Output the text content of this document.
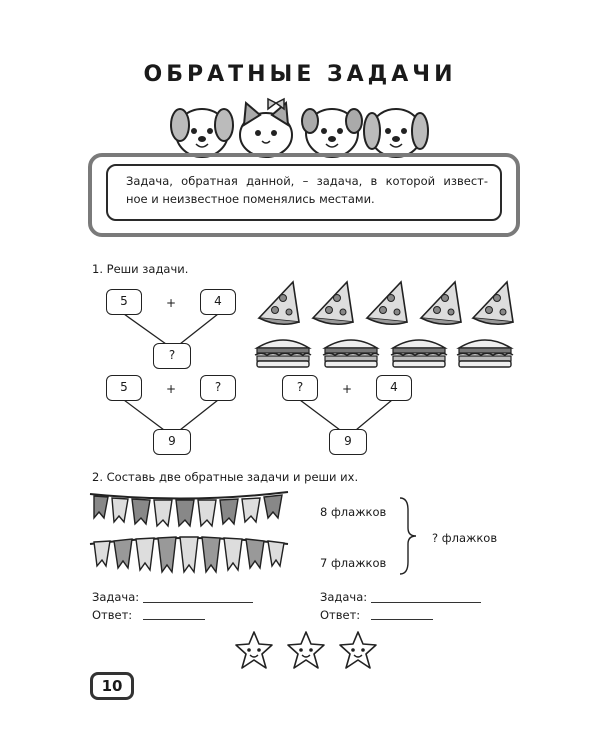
ОБРАТНЫЕ ЗАДАЧИ
Задача, обратная данной, – задача, в которой извест-
ное и неизвестное поменялись местами.
1. Реши задачи.
5	+	4
?
5	+	?
9
?	+	4
9
2. Составь две обратные задачи и реши их.
8 флажков
7 флажков
? флажков
Задача:
Ответ:
Задача:
Ответ:
10
